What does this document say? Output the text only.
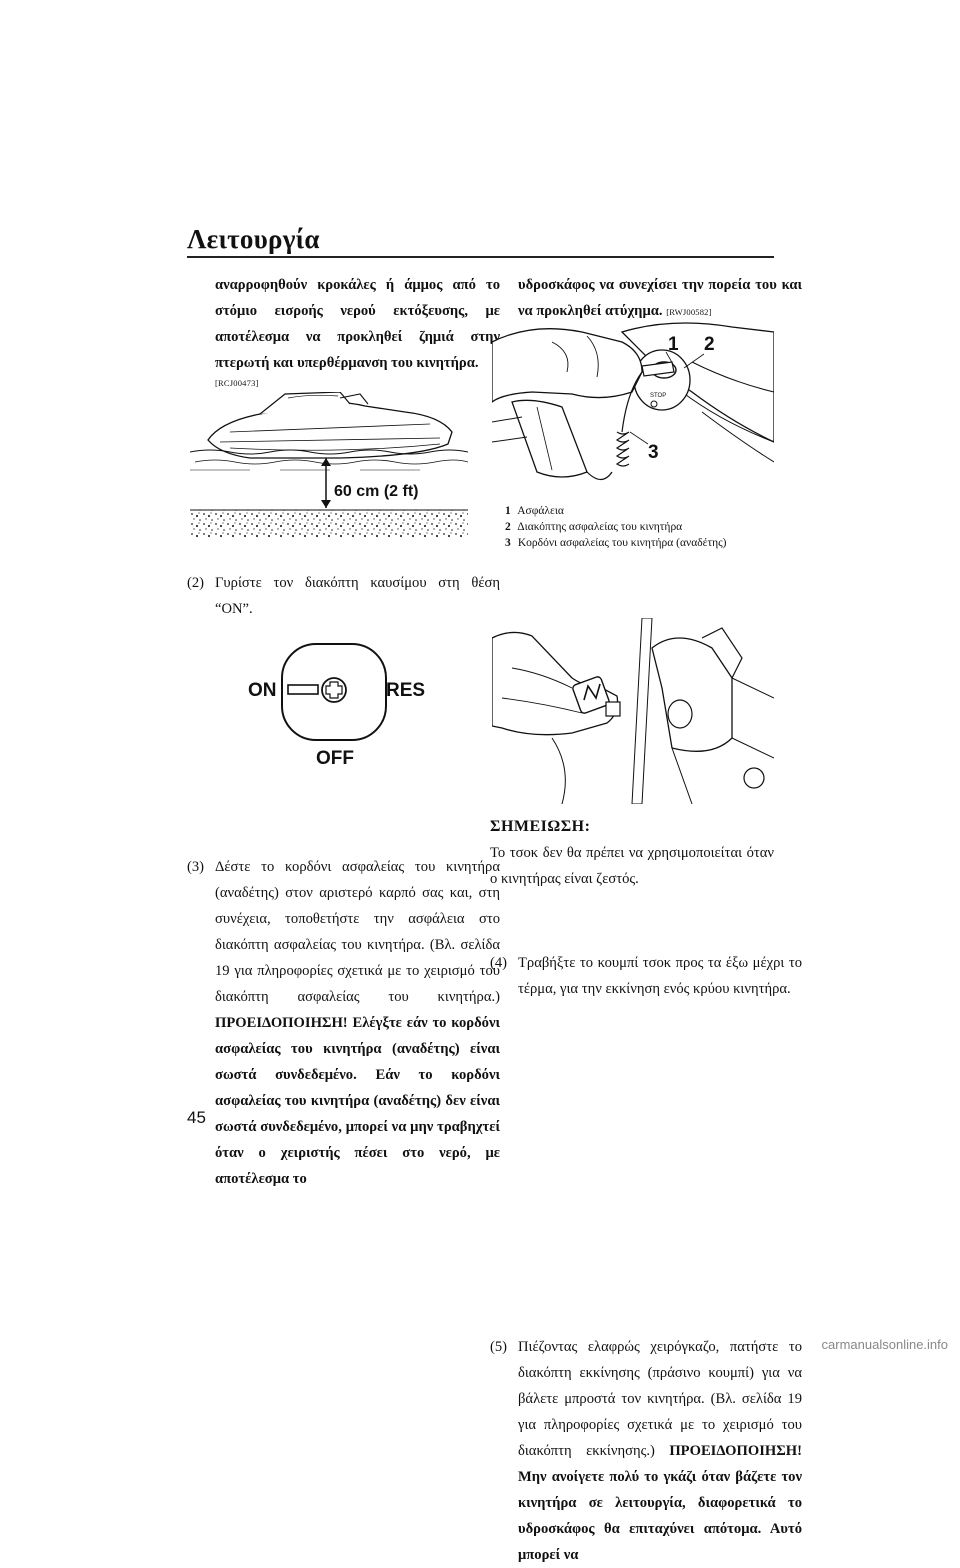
Λειτουργία
αναρροφηθούν κροκάλες ή άμμος από το στόμιο εισροής νερού εκτόξευσης, με αποτέλεσμα να προκληθεί ζημιά στην πτερωτή και υπερθέρμανση του κινητήρα.
[RCJ00473]
60 cm (2 ft)
(2) Γυρίστε τον διακόπτη καυσίμου στη θέση “ON”.
ON	RES
OFF
(3) Δέστε το κορδόνι ασφαλείας του κινητήρα (αναδέτης) στον αριστερό καρπό σας και, στη συνέχεια, τοποθετήστε την ασφάλεια στο διακόπτη ασφαλείας του κινητήρα. (Βλ. σελίδα 19 για πληροφορίες σχετικά με το χειρισμό του διακόπτη ασφαλείας του κινητήρα.) ΠΡΟΕΙΔΟΠΟΙΗΣΗ! Ελέγξτε εάν το κορδόνι ασφαλείας του κινητήρα (αναδέτης) είναι σωστά συνδεδεμένο. Εάν το κορδόνι ασφαλείας του κινητήρα (αναδέτης) δεν είναι σωστά συνδεδεμένο, μπορεί να μην τραβηχτεί όταν ο χειριστής πέσει στο νερό, με αποτέλεσμα το
υδροσκάφος να συνεχίσει την πορεία του και να προκληθεί ατύχημα. [RWJ00582]
STOP
1 2
3
1 Ασφάλεια
2 Διακόπτης ασφαλείας του κινητήρα
3 Κορδόνι ασφαλείας του κινητήρα (αναδέτης)
(4) Τραβήξτε το κουμπί τσοκ προς τα έξω μέχρι το τέρμα, για την εκκίνηση ενός κρύου κινητήρα.
ΣΗΜΕΙΩΣΗ:
Το τσοκ δεν θα πρέπει να χρησιμοποιείται όταν ο κινητήρας είναι ζεστός.
(5) Πιέζοντας ελαφρώς χειρόγκαζο, πατήστε το διακόπτη εκκίνησης (πράσινο κουμπί) για να βάλετε μπροστά τον κινητήρα. (Βλ. σελίδα 19 για πληροφορίες σχετικά με το χειρισμό του διακόπτη εκκίνησης.) ΠΡΟΕΙΔΟΠΟΙΗΣΗ! Μην ανοίγετε πολύ το γκάζι όταν βάζετε τον κινητήρα σε λειτουργία, διαφορετικά το υδροσκάφος θα επιταχύνει απότομα. Αυτό μπορεί να
45
carmanualsonline.info
